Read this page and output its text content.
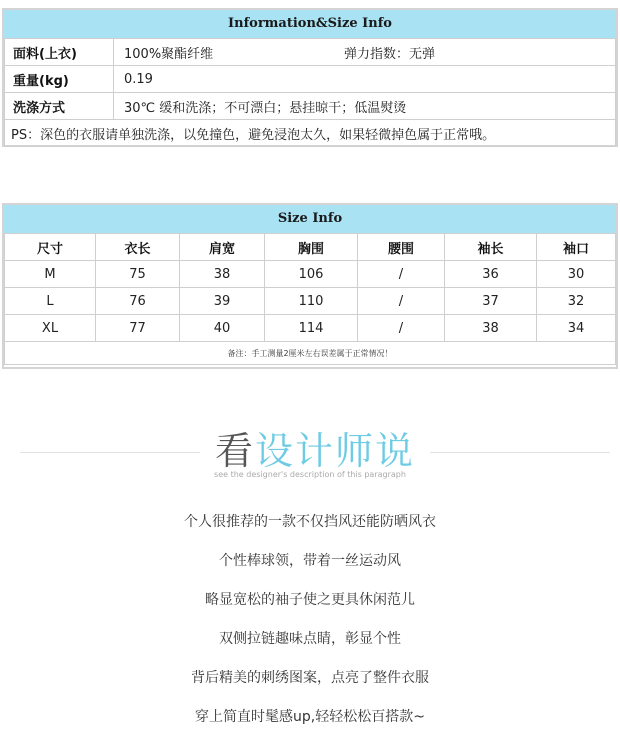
Information&Size Info
面料(上衣)	100%聚酯纤维	弹力指数：无弹
重量(kg)	0.19	
洗涤方式	30℃ 缓和洗涤；不可漂白；悬挂晾干；低温熨烫	
PS：深色的衣服请单独洗涤，以免撞色，避免浸泡太久，如果轻微掉色属于正常哦。		
Size Info
尺寸	衣长	肩宽	胸围	腰围	袖长	袖口
M	75	38	106	/	36	30
L	76	39	110	/	37	32
XL	77	40	114	/	38	34
备注：手工测量2厘米左右误差属于正常情况！						
看设计师说
see the designer's description of this paragraph
个人很推荐的一款不仅挡风还能防晒风衣
个性棒球领，带着一丝运动风
略显宽松的袖子使之更具休闲范儿
双侧拉链趣味点睛，彰显个性
背后精美的刺绣图案，点亮了整件衣服
穿上简直时髦感up,轻轻松松百搭款~
